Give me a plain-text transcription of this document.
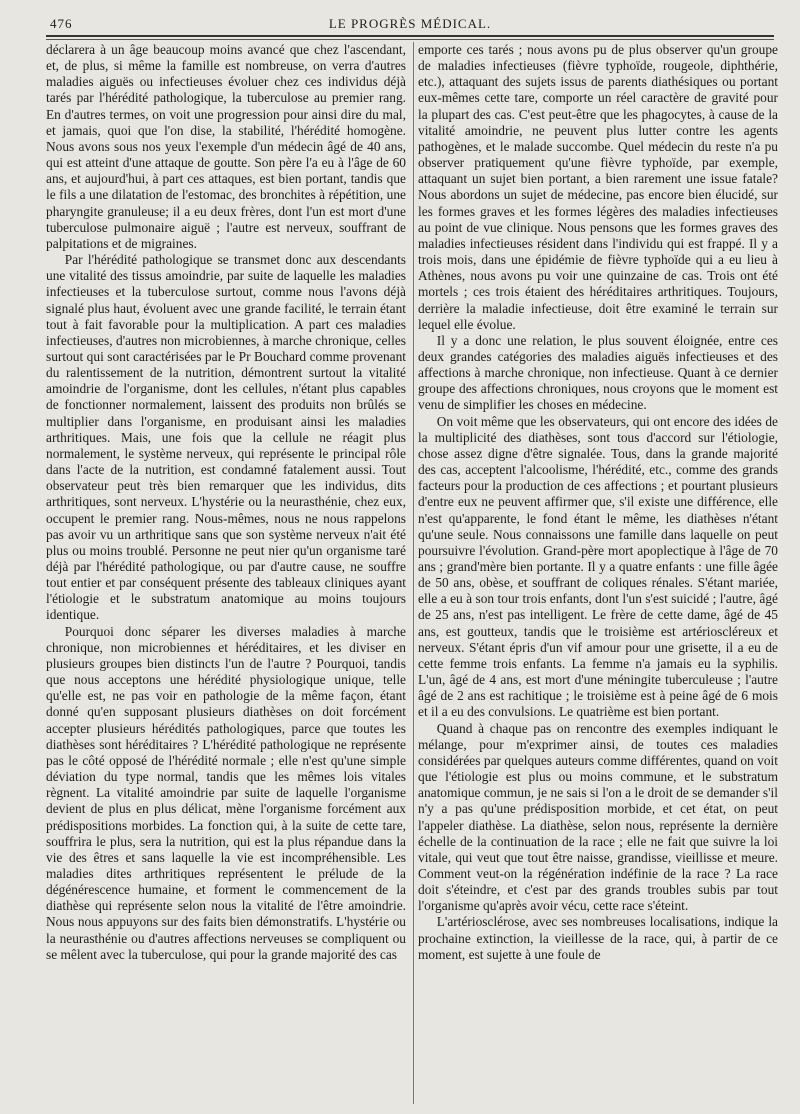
476	LE PROGRÈS MÉDICAL.

déclarera à un âge beaucoup moins avancé que chez l'ascendant, et, de plus, si même la famille est nombreuse, on verra d'autres maladies aiguës ou infectieuses évoluer chez ces individus déjà tarés par l'hérédité pathologique, la tuberculose au premier rang. En d'autres termes, on voit une progression pour ainsi dire du mal, et jamais, quoi que l'on dise, la stabilité, l'hérédité homogène. Nous avons sous nos yeux l'exemple d'un médecin âgé de 40 ans, qui est atteint d'une attaque de goutte. Son père l'a eu à l'âge de 60 ans, et aujourd'hui, à part ces attaques, est bien portant, tandis que le fils a une dilatation de l'estomac, des bronchites à répétition, une pharyngite granuleuse; il a eu deux frères, dont l'un est mort d'une tuberculose pulmonaire aiguë ; l'autre est nerveux, souffrant de palpitations et de migraines.

Par l'hérédité pathologique se transmet donc aux descendants une vitalité des tissus amoindrie, par suite de laquelle les maladies infectieuses et la tuberculose surtout, comme nous l'avons déjà signalé plus haut, évoluent avec une grande facilité, le terrain étant tout à fait favorable pour la multiplication. A part ces maladies infectieuses, d'autres non microbiennes, à marche chronique, celles surtout qui sont caractérisées par le Pr Bouchard comme provenant du ralentissement de la nutrition, démontrent surtout la vitalité amoindrie de l'organisme, dont les cellules, n'étant plus capables de fonctionner normalement, laissent des produits non brûlés se multiplier dans l'organisme, en produisant ainsi les maladies arthritiques. Mais, une fois que la cellule ne réagit plus normalement, le système nerveux, qui représente le principal rôle dans l'acte de la nutrition, est condamné fatalement aussi. Tout observateur peut très bien remarquer que les individus, dits arthritiques, sont nerveux. L'hystérie ou la neurasthénie, chez eux, occupent le premier rang. Nous-mêmes, nous ne nous rappelons pas avoir vu un arthritique sans que son système nerveux n'ait été plus ou moins troublé. Personne ne peut nier qu'un organisme taré déjà par l'hérédité pathologique, ou par d'autre cause, ne souffre tout entier et par conséquent présente des tableaux cliniques ayant l'étiologie et le substratum anatomique au moins toujours identique.

Pourquoi donc séparer les diverses maladies à marche chronique, non microbiennes et héréditaires, et les diviser en plusieurs groupes bien distincts l'un de l'autre ? Pourquoi, tandis que nous acceptons une hérédité physiologique unique, telle qu'elle est, ne pas voir en pathologie de la même façon, étant donné qu'en supposant plusieurs diathèses on doit forcément accepter plusieurs hérédités pathologiques, parce que toutes les diathèses sont héréditaires ? L'hérédité pathologique ne représente pas le côté opposé de l'hérédité normale ; elle n'est qu'une simple déviation du type normal, tandis que les mêmes lois vitales règnent. La vitalité amoindrie par suite de laquelle l'organisme devient de plus en plus délicat, mène l'organisme forcément aux prédispositions morbides. La fonction qui, à la suite de cette tare, souffrira le plus, sera la nutrition, qui est la plus répandue dans la vie des êtres et sans laquelle la vie est incompréhensible. Les maladies dites arthritiques représentent le prélude de la dégénérescence humaine, et forment le commencement de la diathèse qui représente selon nous la vitalité de l'être amoindrie. Nous nous appuyons sur des faits bien démonstratifs. L'hystérie ou la neurasthénie ou d'autres affections nerveuses se compliquent ou se mêlent avec la tuberculose, qui pour la grande majorité des cas

emporte ces tarés ; nous avons pu de plus observer qu'un groupe de maladies infectieuses (fièvre typhoïde, rougeole, diphthérie, etc.), attaquant des sujets issus de parents diathésiques ou portant eux-mêmes cette tare, comporte un réel caractère de gravité pour la plupart des cas. C'est peut-être que les phagocytes, à cause de la vitalité amoindrie, ne peuvent plus lutter contre les agents pathogènes, et le malade succombe. Quel médecin du reste n'a pu observer pratiquement qu'une fièvre typhoïde, par exemple, attaquant un sujet bien portant, a bien rarement une issue fatale? Nous abordons un sujet de médecine, pas encore bien élucidé, sur les formes graves et les formes légères des maladies infectieuses au point de vue clinique. Nous pensons que les formes graves des maladies infectieuses résident dans l'individu qui est frappé. Il y a trois mois, dans une épidémie de fièvre typhoïde qui a eu lieu à Athènes, nous avons pu voir une quinzaine de cas. Trois ont été mortels ; ces trois étaient des héréditaires arthritiques. Toujours, derrière la maladie infectieuse, doit être examiné le terrain sur lequel elle évolue.

Il y a donc une relation, le plus souvent éloignée, entre ces deux grandes catégories des maladies aiguës infectieuses et des affections à marche chronique, non infectieuse. Quant à ce dernier groupe des affections chroniques, nous croyons que le moment est venu de simplifier les choses en médecine.

On voit même que les observateurs, qui ont encore des idées de la multiplicité des diathèses, sont tous d'accord sur l'étiologie, chose assez digne d'être signalée. Tous, dans la grande majorité des cas, acceptent l'alcoolisme, l'hérédité, etc., comme des grands facteurs pour la production de ces affections ; et pourtant plusieurs d'entre eux ne peuvent affirmer que, s'il existe une différence, elle n'est qu'apparente, le fond étant le même, les diathèses n'étant qu'une seule. Nous connaissons une famille dans laquelle on peut poursuivre l'évolution. Grand-père mort apoplectique à l'âge de 70 ans ; grand'mère bien portante. Il y a quatre enfants : une fille âgée de 50 ans, obèse, et souffrant de coliques rénales. S'étant mariée, elle a eu à son tour trois enfants, dont l'un s'est suicidé ; l'autre, âgé de 25 ans, n'est pas intelligent. Le frère de cette dame, âgé de 45 ans, est goutteux, tandis que le troisième est artérioscléreux et nerveux. S'étant épris d'un vif amour pour une grisette, il a eu de cette femme trois enfants. La femme n'a jamais eu la syphilis. L'un, âgé de 4 ans, est mort d'une méningite tuberculeuse ; l'autre âgé de 2 ans est rachitique ; le troisième est à peine âgé de 6 mois et il a eu des convulsions. Le quatrième est bien portant.

Quand à chaque pas on rencontre des exemples indiquant le mélange, pour m'exprimer ainsi, de toutes ces maladies considérées par quelques auteurs comme différentes, quand on voit que l'étiologie est plus ou moins commune, et le substratum anatomique commun, je ne sais si l'on a le droit de se demander s'il n'y a pas qu'une prédisposition morbide, et cet état, on peut l'appeler diathèse. La diathèse, selon nous, représente la dernière échelle de la continuation de la race ; elle ne fait que suivre la loi vitale, qui veut que tout être naisse, grandisse, vieillisse et meure. Comment veut-on la régénération indéfinie de la race ? La race doit s'éteindre, et c'est par des grands troubles subis par tout l'organisme qu'après avoir vécu, cette race s'éteint.

L'artériosclérose, avec ses nombreuses localisations, indique la prochaine extinction, la vieillesse de la race, qui, à partir de ce moment, est sujette à une foule de
